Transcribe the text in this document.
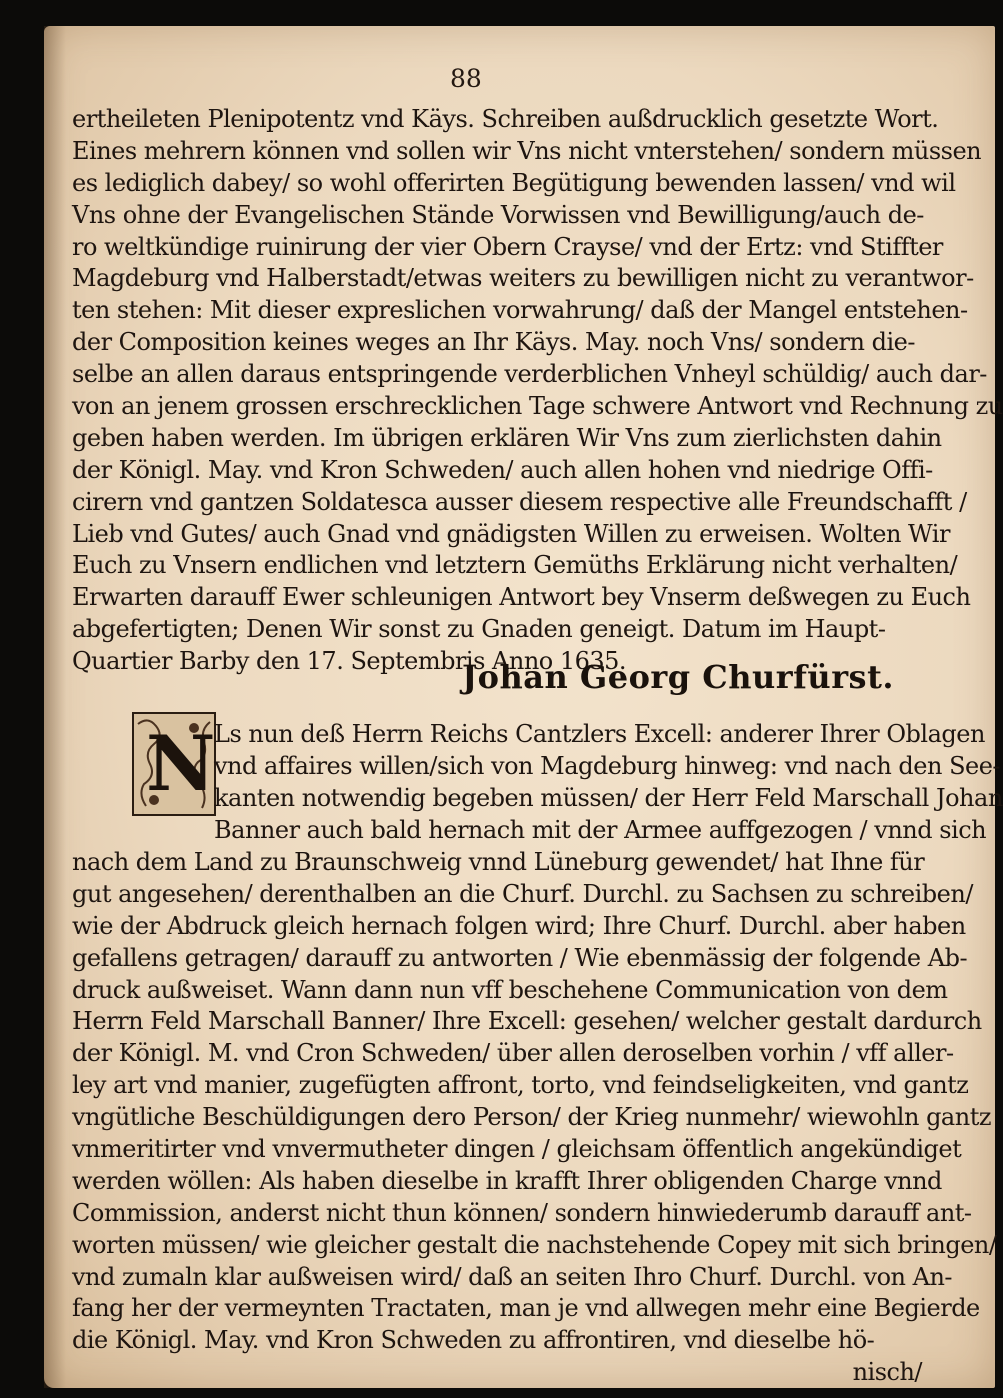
88
ertheileten Plenipotentz vnd Käys. Schreiben außdrucklich gesetzte Wort.
Eines mehrern können vnd sollen wir Vns nicht vnterstehen/ sondern müssen
es lediglich dabey/ so wohl offerirten Begütigung bewenden lassen/ vnd wil
Vns ohne der Evangelischen Stände Vorwissen vnd Bewilligung/auch de-
ro weltkündige ruinirung der vier Obern Crayse/ vnd der Ertz: vnd Stiffter
Magdeburg vnd Halberstadt/etwas weiters zu bewilligen nicht zu verantwor-
ten stehen: Mit dieser expreslichen vorwahrung/ daß der Mangel entstehen-
der Composition keines weges an Ihr Käys. May. noch Vns/ sondern die-
selbe an allen daraus entspringende verderblichen Vnheyl schüldig/ auch dar-
von an jenem grossen erschrecklichen Tage schwere Antwort vnd Rechnung zu
geben haben werden. Im übrigen erklären Wir Vns zum zierlichsten dahin
der Königl. May. vnd Kron Schweden/ auch allen hohen vnd niedrige Offi-
cirern vnd gantzen Soldatesca ausser diesem respective alle Freundschafft /
Lieb vnd Gutes/ auch Gnad vnd gnädigsten Willen zu erweisen. Wolten Wir
Euch zu Vnsern endlichen vnd letztern Gemüths Erklärung nicht verhalten/
Erwarten darauff Ewer schleunigen Antwort bey Vnserm deßwegen zu Euch
abgefertigten; Denen Wir sonst zu Gnaden geneigt. Datum im Haupt-
Quartier Barby den 17. Septembris Anno 1635.
Johan Georg Churfürst.
N
Ls nun deß Herrn Reichs Cantzlers Excell: anderer Ihrer Oblagen
vnd affaires willen/sich von Magdeburg hinweg: vnd nach den See-
kanten notwendig begeben müssen/ der Herr Feld Marschall Johan
Banner auch bald hernach mit der Armee auffgezogen / vnnd sich
nach dem Land zu Braunschweig vnnd Lüneburg gewendet/ hat Ihne für
gut angesehen/ derenthalben an die Churf. Durchl. zu Sachsen zu schreiben/
wie der Abdruck gleich hernach folgen wird; Ihre Churf. Durchl. aber haben
gefallens getragen/ darauff zu antworten / Wie ebenmässig der folgende Ab-
druck außweiset. Wann dann nun vff beschehene Communication von dem
Herrn Feld Marschall Banner/ Ihre Excell: gesehen/ welcher gestalt dardurch
der Königl. M. vnd Cron Schweden/ über allen deroselben vorhin / vff aller-
ley art vnd manier, zugefügten affront, torto, vnd feindseligkeiten, vnd gantz
vngütliche Beschüldigungen dero Person/ der Krieg nunmehr/ wiewohln gantz
vnmeritirter vnd vnvermutheter dingen / gleichsam öffentlich angekündiget
werden wöllen: Als haben dieselbe in krafft Ihrer obligenden Charge vnnd
Commission, anderst nicht thun können/ sondern hinwiederumb darauff ant-
worten müssen/ wie gleicher gestalt die nachstehende Copey mit sich bringen/
vnd zumaln klar außweisen wird/ daß an seiten Ihro Churf. Durchl. von An-
fang her der vermeynten Tractaten, man je vnd allwegen mehr eine Begierde
die Königl. May. vnd Kron Schweden zu affrontiren, vnd dieselbe hö-
nisch/
